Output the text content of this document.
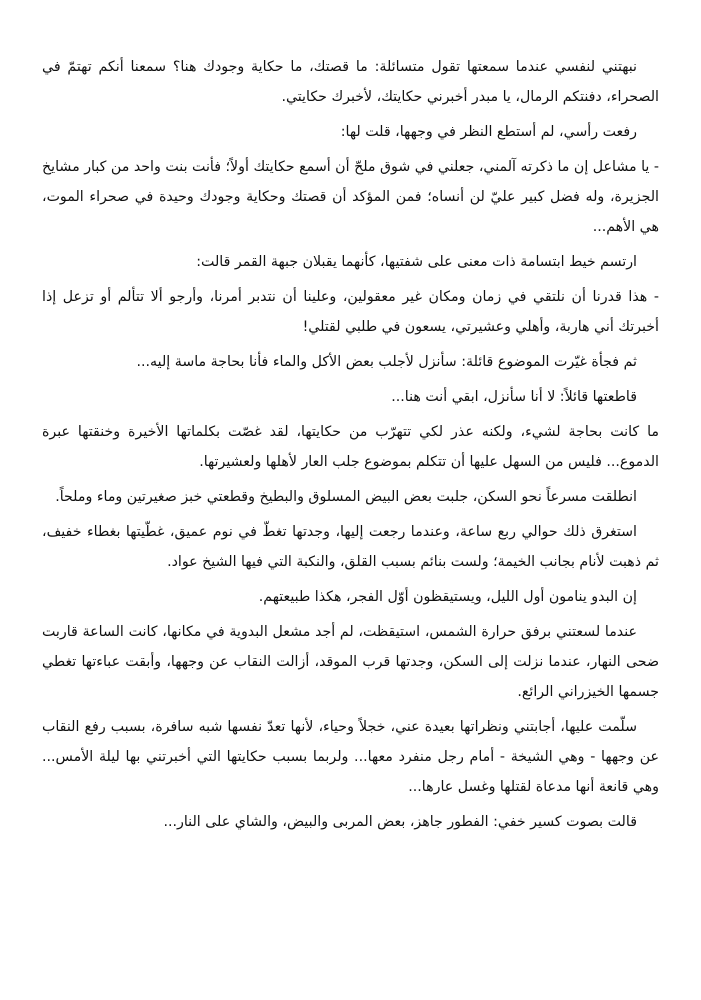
نبهتني لنفسي عندما سمعتها تقول متسائلة: ما قصتك، ما حكاية وجودك هنا؟ سمعنا أنكم تهتمّ في الصحراء، دفنتكم الرمال، يا مبدر أخبرني حكايتك، لأخبرك حكايتي.

رفعت رأسي، لم أستطع النظر في وجهها، قلت لها:

- يا مشاعل إن ما ذكرته آلمني، جعلني في شوق ملحّ أن أسمع حكايتك أولاً؛ فأنت بنت واحد من كبار مشايخ الجزيرة، وله فضل كبير عليّ لن أنساه؛ فمن المؤكد أن قصتك وحكاية وجودك وحيدة في صحراء الموت، هي الأهم...

ارتسم خيط ابتسامة ذات معنى على شفتيها، كأنهما يقبلان جبهة القمر قالت:

- هذا قدرنا أن نلتقي في زمان ومكان غير معقولين، وعلينا أن نتدبر أمرنا، وأرجو ألا تتألم أو تزعل إذا أخبرتك أني هاربة، وأهلي وعشيرتي، يسعون في طلبي لقتلي!

ثم فجأة غيّرت الموضوع قائلة: سأنزل لأجلب بعض الأكل والماء فأنا بحاجة ماسة إليه...

قاطعتها قائلاً: لا أنا سأنزل، ابقي أنت هنا...

ما كانت بحاجة لشيء، ولكنه عذر لكي تتهرّب من حكايتها، لقد غصّت بكلماتها الأخيرة وخنقتها عبرة الدموع... فليس من السهل عليها أن تتكلم بموضوع جلب العار لأهلها ولعشيرتها.

انطلقت مسرعاً نحو السكن، جلبت بعض البيض المسلوق والبطيخ وقطعتي خبز صغيرتين وماء وملحاً.

استغرق ذلك حوالي ربع ساعة، وعندما رجعت إليها، وجدتها تغطّ في نوم عميق، غطّيتها بغطاء خفيف، ثم ذهبت لأنام بجانب الخيمة؛ ولست بنائم بسبب القلق، والنكبة التي فيها الشيخ عواد.

إن البدو ينامون أول الليل، ويستيقظون أوّل الفجر، هكذا طبيعتهم.

عندما لسعتني برفق حرارة الشمس، استيقظت، لم أجد مشعل البدوية في مكانها، كانت الساعة قاربت ضحى النهار، عندما نزلت إلى السكن، وجدتها قرب الموقد، أزالت النقاب عن وجهها، وأبقت عباءتها تغطي جسمها الخيزراني الرائع.

سلّمت عليها، أجابتني ونظراتها بعيدة عني، خجلاً وحياء، لأنها تعدّ نفسها شبه سافرة، بسبب رفع النقاب عن وجهها - وهي الشيخة - أمام رجل منفرد معها... ولربما بسبب حكايتها التي أخبرتني بها ليلة الأمس... وهي قانعة أنها مدعاة لقتلها وغسل عارها...

قالت بصوت كسير خفي: الفطور جاهز، بعض المربى والبيض، والشاي على النار...
